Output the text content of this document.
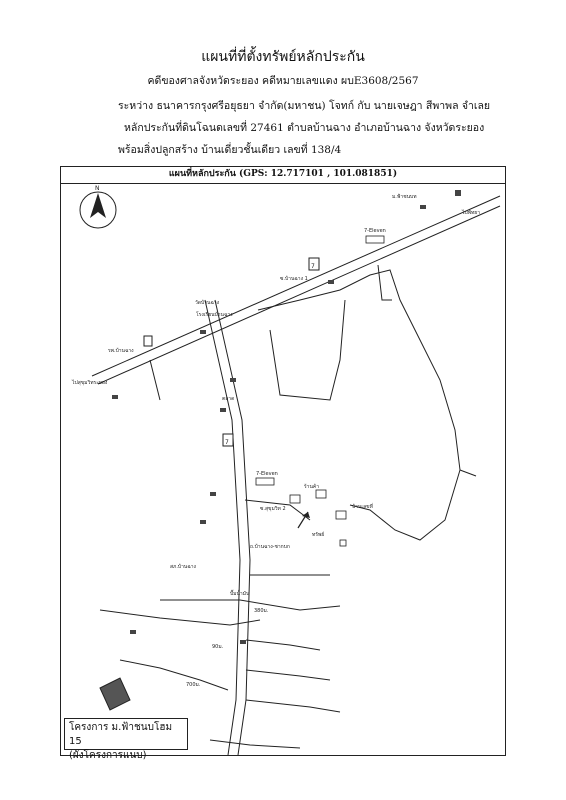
แผนที่ที่ตั้งทรัพย์หลักประกัน
คดีของศาลจังหวัดระยอง คดีหมายเลขแดง ผบE3608/2567
ระหว่าง ธนาคารกรุงศรีอยุธยา จำกัด(มหาชน) โจทก์ กับ นายเจษฎา สีพาพล จำเลย
หลักประกันที่ดินโฉนดเลขที่ 27461 ตำบลบ้านฉาง อำเภอบ้านฉาง จังหวัดระยอง
พร้อมสิ่งปลูกสร้าง บ้านเดี่ยวชั้นเดียว เลขที่ 138/4
แผนที่หลักประกัน (GPS: 12.717101 , 101.081851)
N
7
7
ไปสุขุมวิทระยอง
ไปพัทยา
380ม.
90ม.
700ม.
7-Eleven
7-Eleven
ซ.บ้านฉาง 1
ซ.สุขุมวิท 2
ถ.บ้านฉาง-ชากบก
วัดบ้านฉาง
โรงเรียนบ้านฉาง
ตลาด
รพ.บ้านฉาง
ม.ฟ้าชนบท
สภ.บ้านฉาง
ปั๊มน้ำมัน
ร้านค้า
บ้านเลขที่
ทรัพย์
โครงการ ม.ฟ้าชนบโฮม 15
(ผังโครงการแนบ)
